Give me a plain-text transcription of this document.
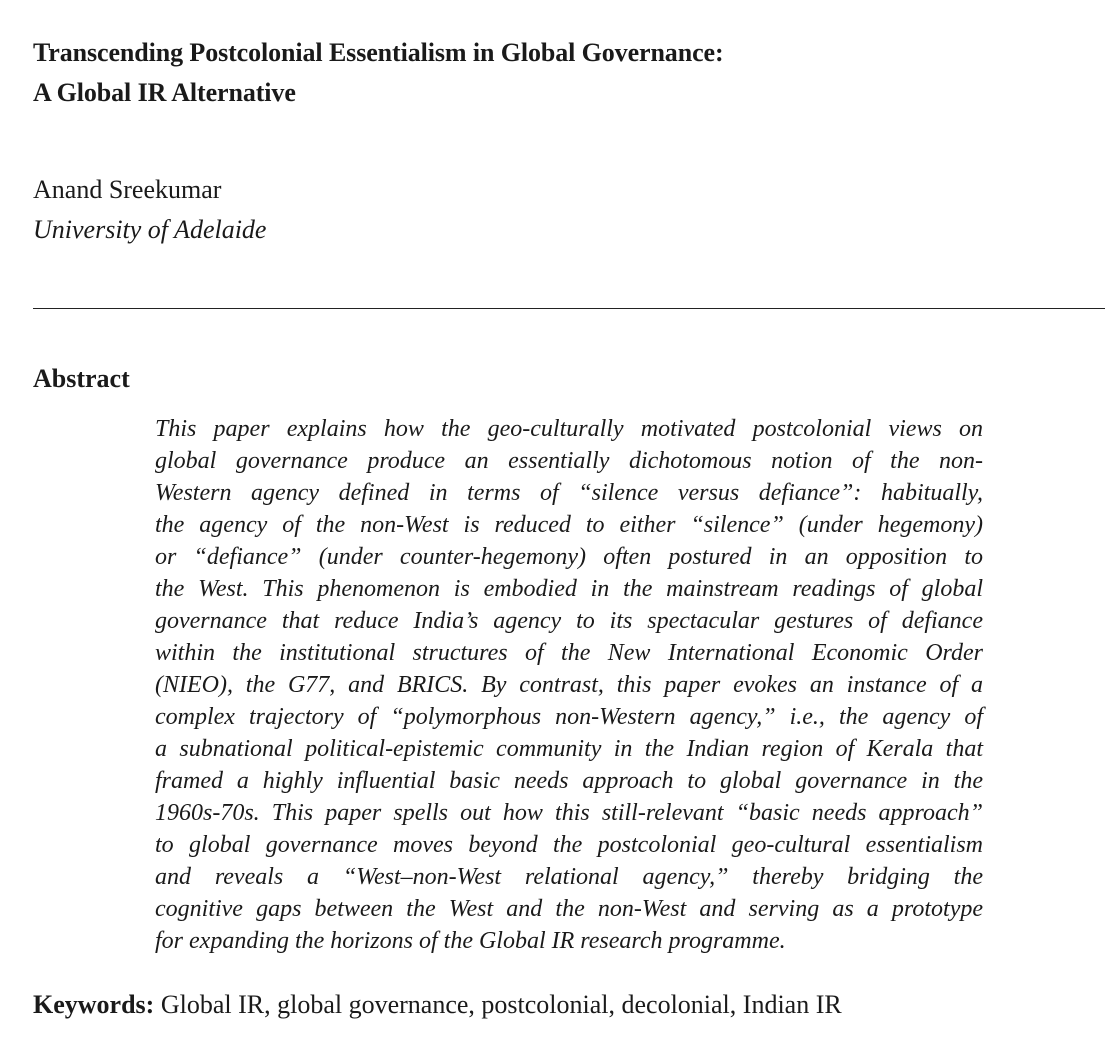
Transcending Postcolonial Essentialism in Global Governance:
A Global IR Alternative
Anand Sreekumar
University of Adelaide
Abstract

This paper explains how the geo-culturally motivated postcolonial views on
global governance produce an essentially dichotomous notion of the non-
Western agency defined in terms of “silence versus defiance”: habitually,
the agency of the non-West is reduced to either “silence” (under hegemony)
or “defiance” (under counter-hegemony) often postured in an opposition to
the West. This phenomenon is embodied in the mainstream readings of global
governance that reduce India’s agency to its spectacular gestures of defiance
within the institutional structures of the New International Economic Order
(NIEO), the G77, and BRICS. By contrast, this paper evokes an instance of a
complex trajectory of “polymorphous non-Western agency,” i.e., the agency of
a subnational political-epistemic community in the Indian region of Kerala that
framed a highly influential basic needs approach to global governance in the
1960s-70s. This paper spells out how this still-relevant “basic needs approach”
to global governance moves beyond the postcolonial geo-cultural essentialism
and reveals a “West–non-West relational agency,” thereby bridging the
cognitive gaps between the West and the non-West and serving as a prototype
for expanding the horizons of the Global IR research programme.

Keywords: Global IR, global governance, postcolonial, decolonial, Indian IR
